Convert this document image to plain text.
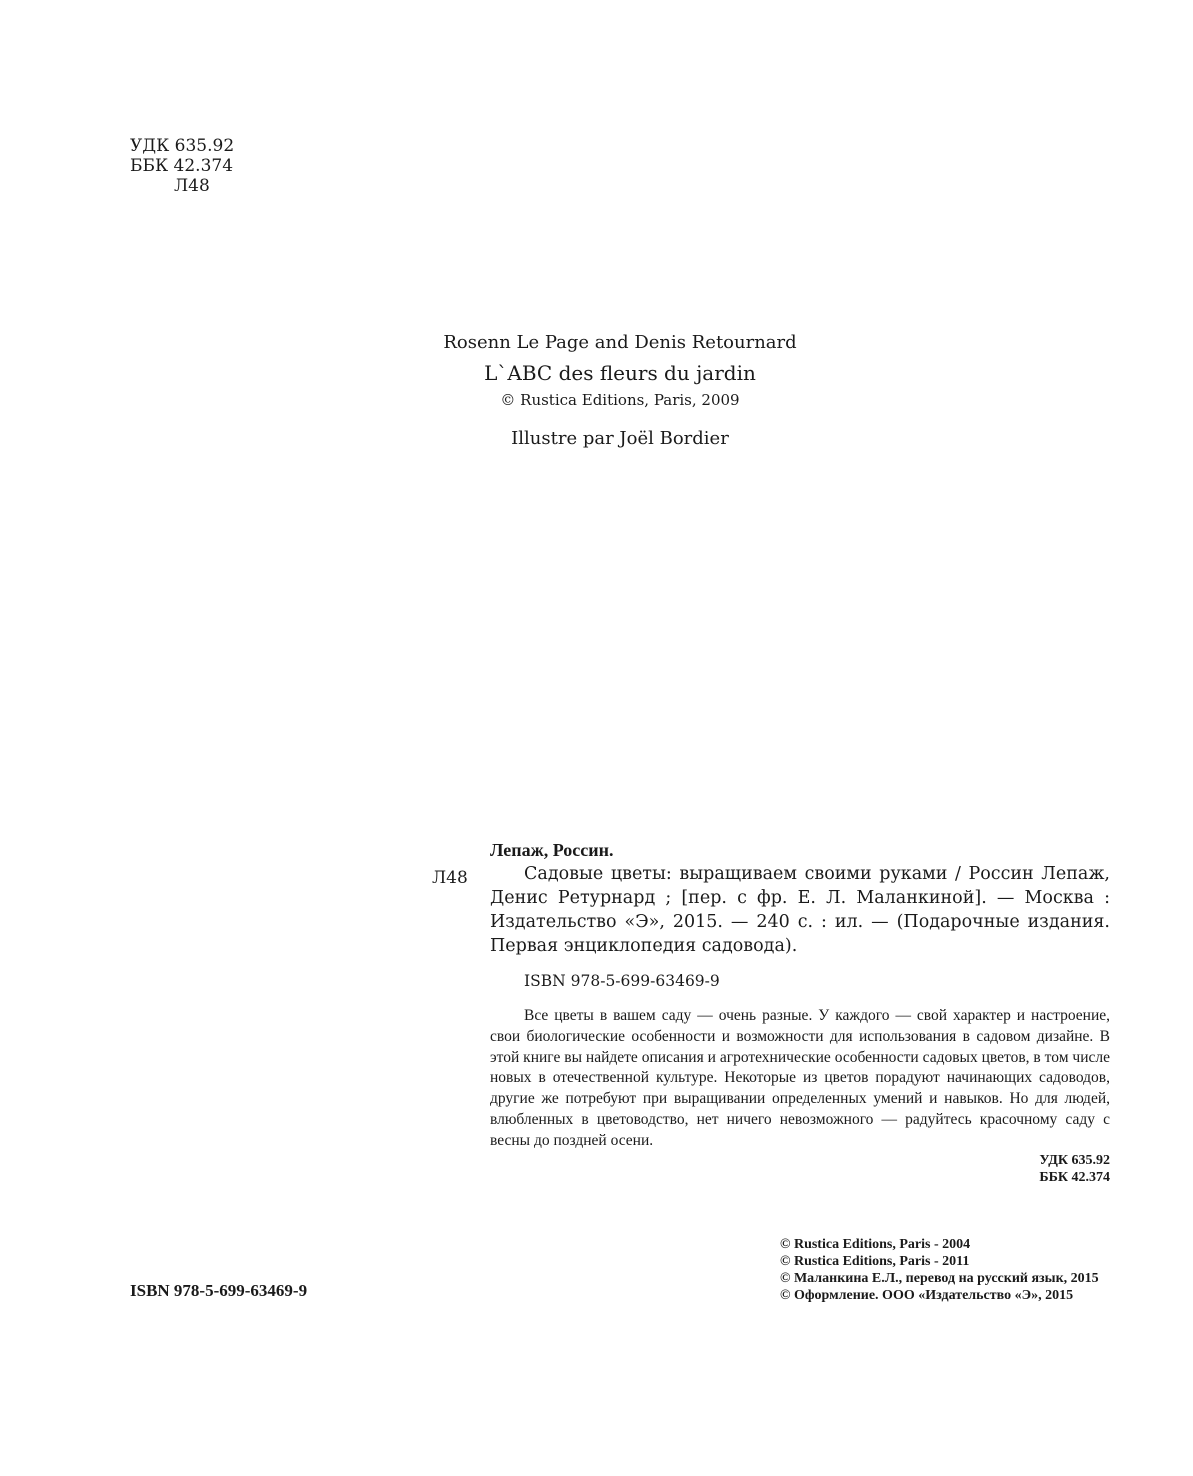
УДК 635.92
ББК 42.374
Л48
Rosenn Le Page and Denis Retournard
L`ABC des fleurs du jardin
© Rustica Editions, Paris, 2009
Illustre par Joël Bordier
Л48
Лепаж, Россин.

Садовые цветы: выращиваем своими руками / Россин Лепаж, Денис Ретурнард ; [пер. с фр. Е. Л. Маланкиной]. — Москва : Издательство «Э», 2015. — 240 с. : ил. — (Подарочные издания. Первая энциклопедия садовода).

ISBN 978-5-699-63469-9

Все цветы в вашем саду — очень разные. У каждого — свой характер и настроение, свои биологические особенности и возможности для использования в садовом дизайне. В этой книге вы найдете описания и агротехнические особенности садовых цветов, в том числе новых в отечественной культуре. Некоторые из цветов порадуют начинающих садоводов, другие же потребуют при выращивании определенных умений и навыков. Но для людей, влюбленных в цветоводство, нет ничего невозможного — радуйтесь красочному саду с весны до поздней осени.

УДК 635.92
ББК 42.374
ISBN 978-5-699-63469-9
© Rustica Editions, Paris - 2004
© Rustica Editions, Paris - 2011
© Маланкина Е.Л., перевод на русский язык, 2015
© Оформление. ООО «Издательство «Э», 2015
